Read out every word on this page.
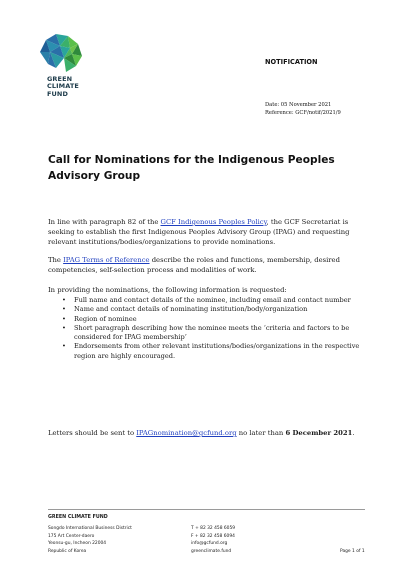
GREEN
CLIMATE
FUND
NOTIFICATION
Date: 05 November 2021
Reference: GCF/notif/2021/9
Call for Nominations for the Indigenous Peoples Advisory Group
In line with paragraph 82 of the GCF Indigenous Peoples Policy, the GCF Secretariat is seeking to establish the first Indigenous Peoples Advisory Group (IPAG) and requesting relevant institutions/bodies/organizations to provide nominations.
The IPAG Terms of Reference describe the roles and functions, membership, desired competencies, self-selection process and modalities of work.
In providing the nominations, the following information is requested:
• Full name and contact details of the nominee, including email and contact number
• Name and contact details of nominating institution/body/organization
• Region of nominee
• Short paragraph describing how the nominee meets the ‘criteria and factors to be considered for IPAG membership’
• Endorsements from other relevant institutions/bodies/organizations in the respective region are highly encouraged.
Letters should be sent to IPAGnomination@gcfund.org no later than 6 December 2021.
GREEN CLIMATE FUND
Songdo International Business District
175 Art Center-daero
Yeonsu-gu, Incheon 22004
Republic of Korea
T + 82 32 458 6059
F + 82 32 458 6094
info@gcfund.org
greenclimate.fund	Page 1 of 1
